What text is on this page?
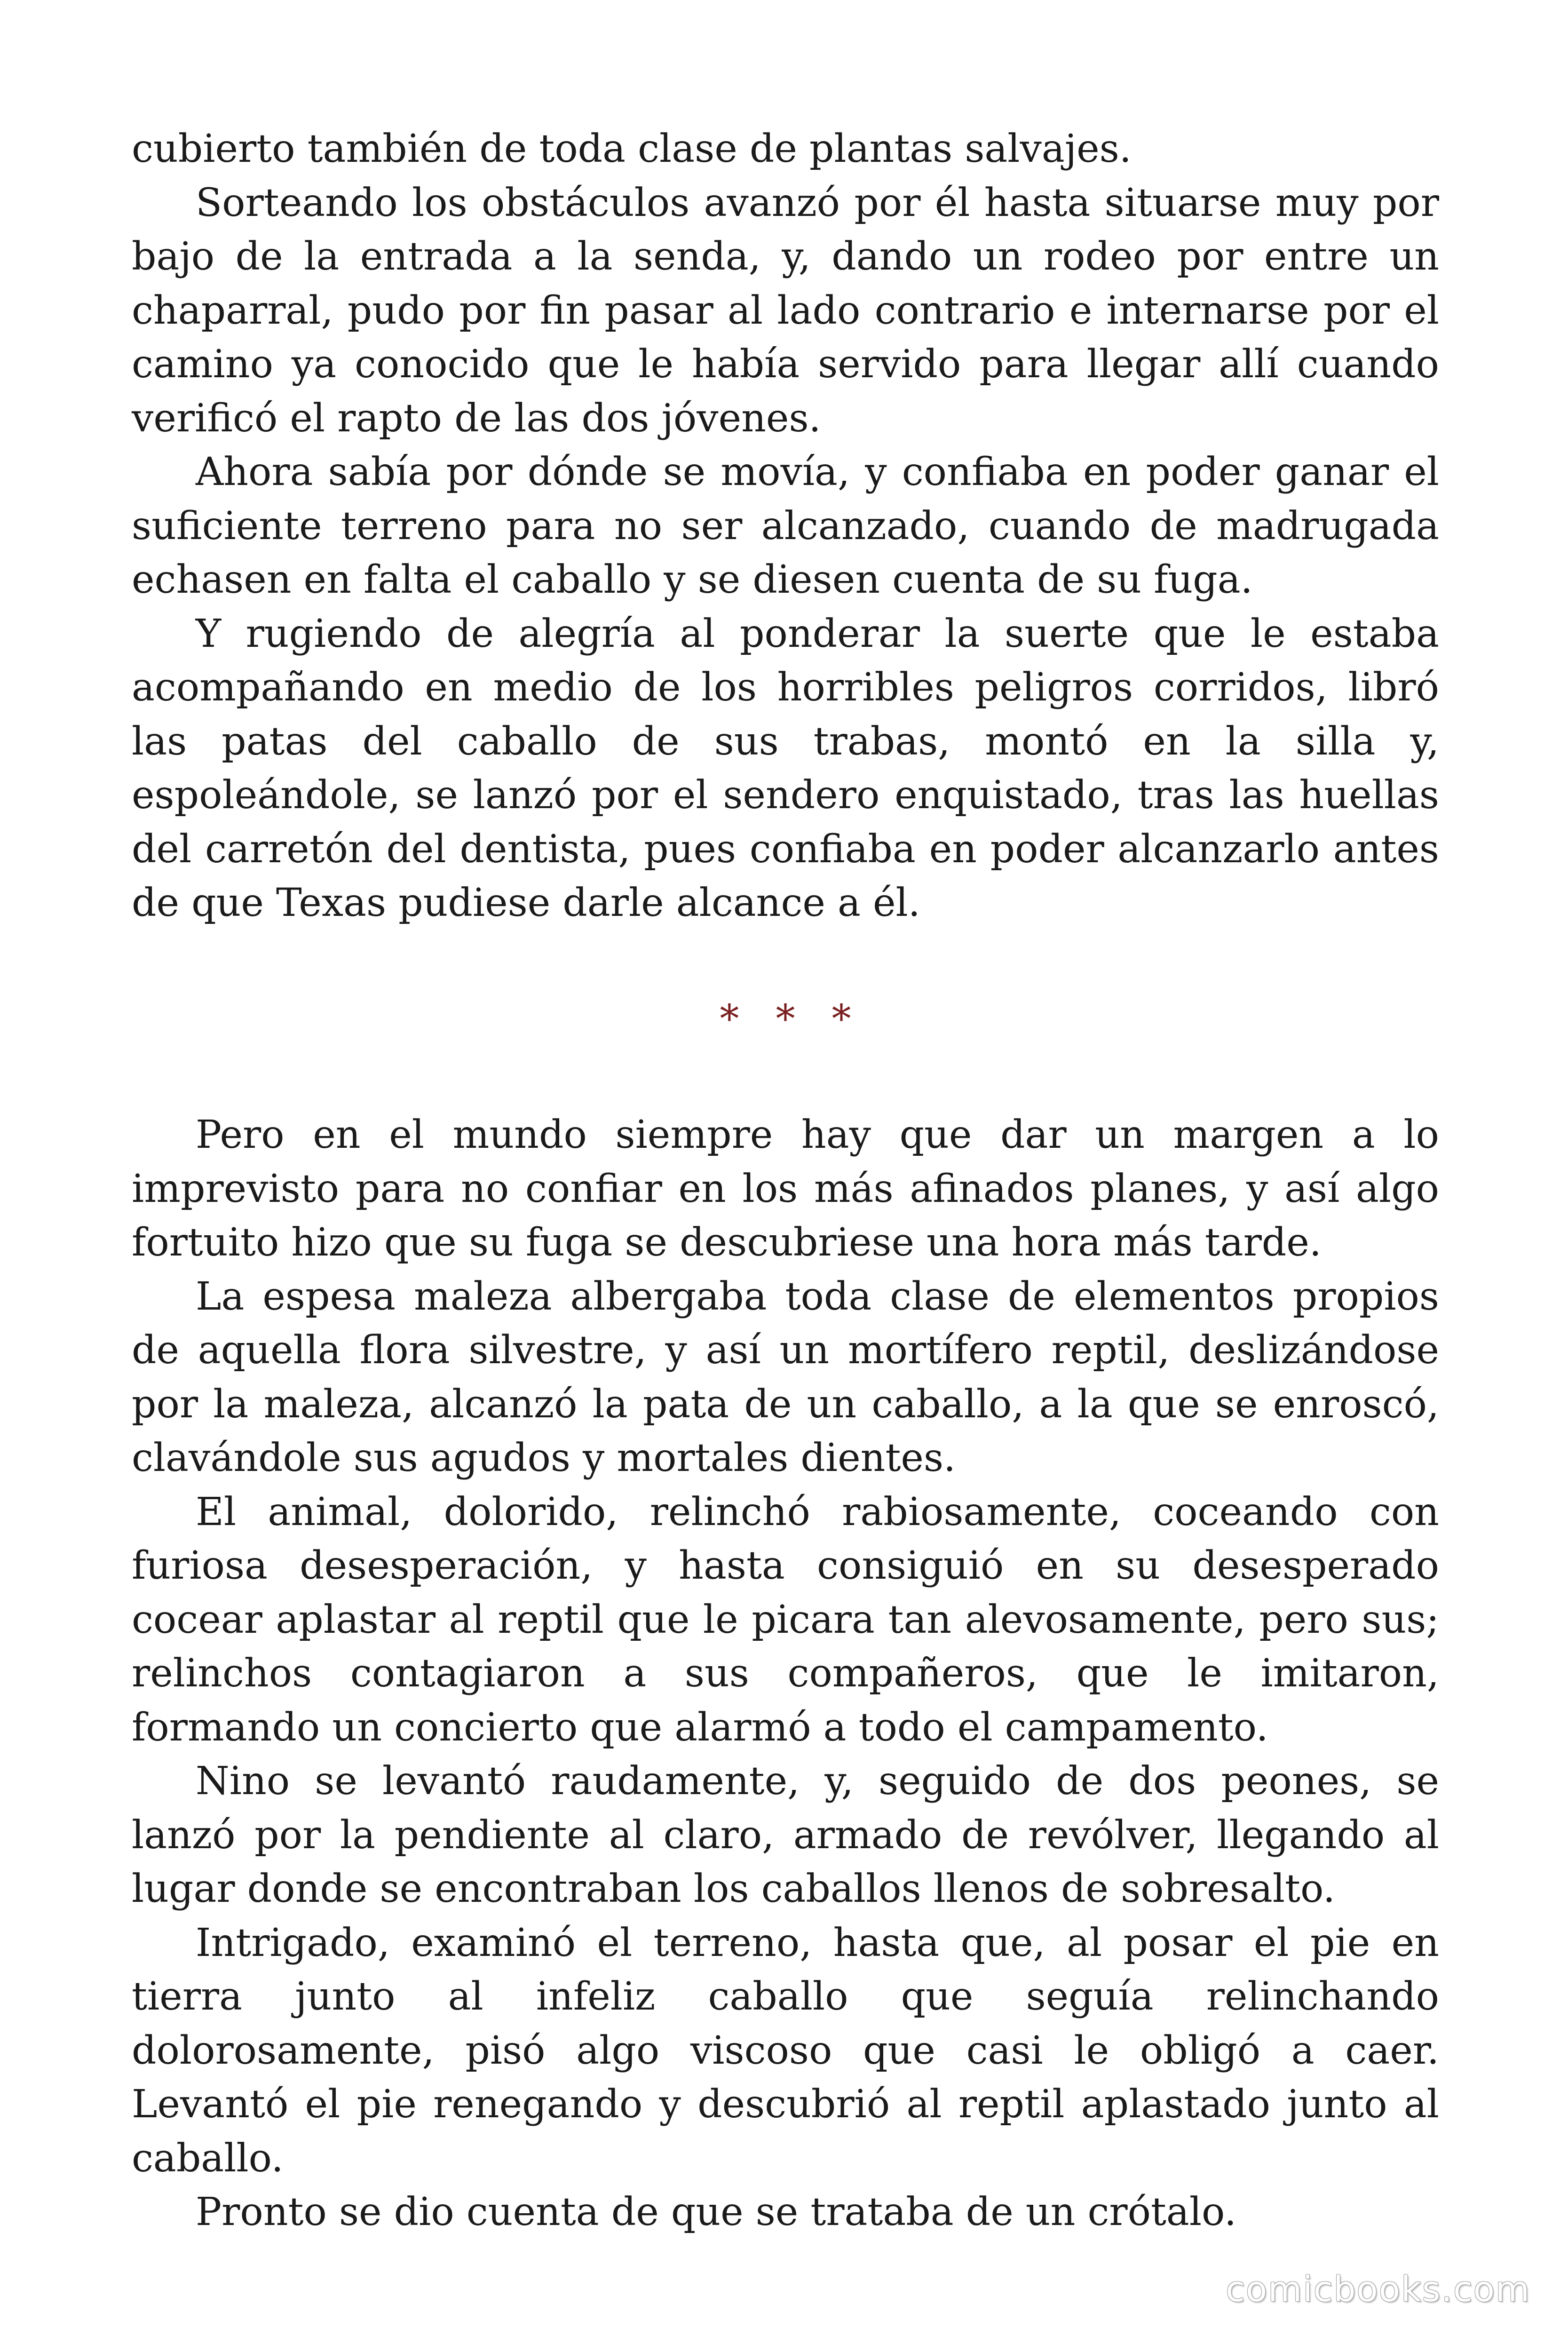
cubierto también de toda clase de plantas salvajes.

Sorteando los obstáculos avanzó por él hasta situarse muy por bajo de la entrada a la senda, y, dando un rodeo por entre un chaparral, pudo por fin pasar al lado contrario e internarse por el camino ya conocido que le había servido para llegar allí cuando verificó el rapto de las dos jóvenes.

Ahora sabía por dónde se movía, y confiaba en poder ganar el suficiente terreno para no ser alcanzado, cuando de madrugada echasen en falta el caballo y se diesen cuenta de su fuga.

Y rugiendo de alegría al ponderar la suerte que le estaba acompañando en medio de los horribles peligros corridos, libró las patas del caballo de sus trabas, montó en la silla y, espoleándole, se lanzó por el sendero enquistado, tras las huellas del carretón del dentista, pues confiaba en poder alcanzarlo antes de que Texas pudiese darle alcance a él.

* * *

Pero en el mundo siempre hay que dar un margen a lo imprevisto para no confiar en los más afinados planes, y así algo fortuito hizo que su fuga se descubriese una hora más tarde.

La espesa maleza albergaba toda clase de elementos propios de aquella flora silvestre, y así un mortífero reptil, deslizándose por la maleza, alcanzó la pata de un caballo, a la que se enroscó, clavándole sus agudos y mortales dientes.

El animal, dolorido, relinchó rabiosamente, coceando con furiosa desesperación, y hasta consiguió en su desesperado cocear aplastar al reptil que le picara tan alevosamente, pero sus; relinchos contagiaron a sus compañeros, que le imitaron, formando un concierto que alarmó a todo el campamento.

Nino se levantó raudamente, y, seguido de dos peones, se lanzó por la pendiente al claro, armado de revólver, llegando al lugar donde se encontraban los caballos llenos de sobresalto.

Intrigado, examinó el terreno, hasta que, al posar el pie en tierra junto al infeliz caballo que seguía relinchando dolorosamente, pisó algo viscoso que casi le obligó a caer. Levantó el pie renegando y descubrió al reptil aplastado junto al caballo.

Pronto se dio cuenta de que se trataba de un crótalo.

comicbooks.com
